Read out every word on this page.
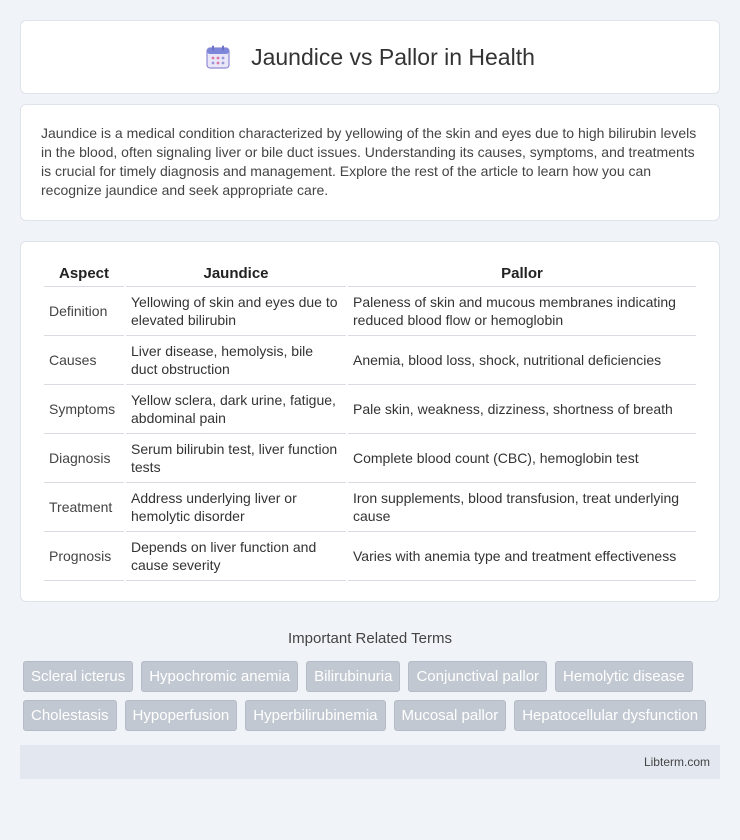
Jaundice vs Pallor in Health

Jaundice is a medical condition characterized by yellowing of the skin and eyes due to high bilirubin levels in the blood, often signaling liver or bile duct issues. Understanding its causes, symptoms, and treatments is crucial for timely diagnosis and management. Explore the rest of the article to learn how you can recognize jaundice and seek appropriate care.

Aspect	Jaundice	Pallor
Definition	Yellowing of skin and eyes due to elevated bilirubin	Paleness of skin and mucous membranes indicating reduced blood flow or hemoglobin
Causes	Liver disease, hemolysis, bile duct obstruction	Anemia, blood loss, shock, nutritional deficiencies
Symptoms	Yellow sclera, dark urine, fatigue, abdominal pain	Pale skin, weakness, dizziness, shortness of breath
Diagnosis	Serum bilirubin test, liver function tests	Complete blood count (CBC), hemoglobin test
Treatment	Address underlying liver or hemolytic disorder	Iron supplements, blood transfusion, treat underlying cause
Prognosis	Depends on liver function and cause severity	Varies with anemia type and treatment effectiveness
Important Related Terms
Scleral icterus	Hypochromic anemia	Bilirubinuria	Conjunctival pallor	Hemolytic disease
Cholestasis	Hypoperfusion	Hyperbilirubinemia	Mucosal pallor	Hepatocellular dysfunction
Libterm.com
